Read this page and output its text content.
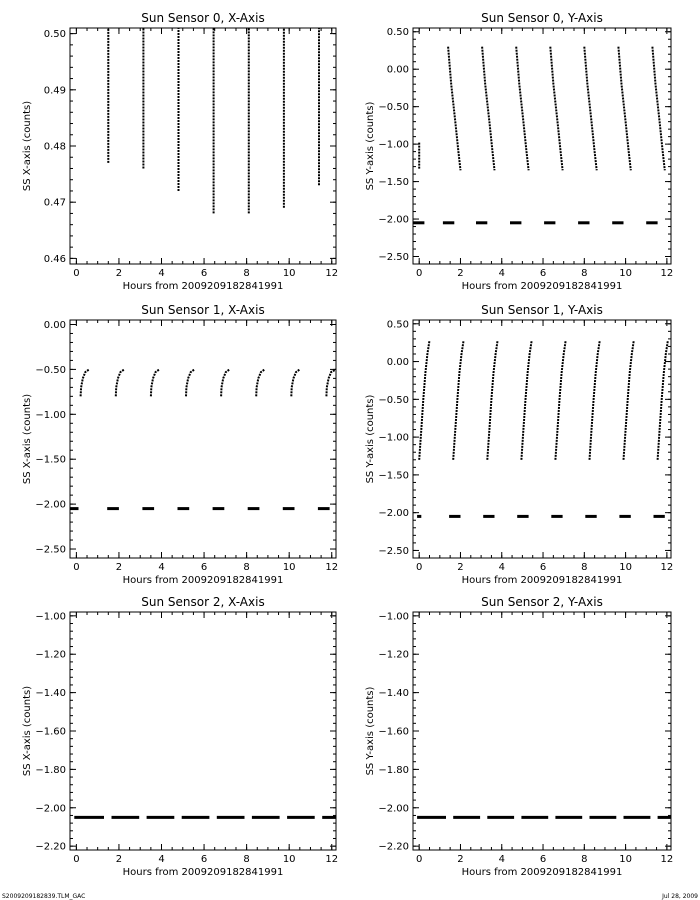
S2009209182839.TLM_GAC	Jul 28, 2009
Sun Sensor 0, X-Axis
0	2	4	6	8	10	12
0.46
0.47
0.48
0.49
0.50
Hours from 2009209182841991
SS X-axis (counts)
Sun Sensor 0, Y-Axis
0	2	4	6	8	10	12
−2.50
−2.00
−1.50
−1.00
−0.50
0.00
0.50
Hours from 2009209182841991
SS Y-axis (counts)
Sun Sensor 1, X-Axis
0	2	4	6	8	10	12
−2.50
−2.00
−1.50
−1.00
−0.50
0.00
Hours from 2009209182841991
SS X-axis (counts)
Sun Sensor 1, Y-Axis
0	2	4	6	8	10	12
−2.50
−2.00
−1.50
−1.00
−0.50
0.00
0.50
Hours from 2009209182841991
SS Y-axis (counts)
Sun Sensor 2, X-Axis
0	2	4	6	8	10	12
−2.20
−2.00
−1.80
−1.60
−1.40
−1.20
−1.00
Hours from 2009209182841991
SS X-axis (counts)
Sun Sensor 2, Y-Axis
0	2	4	6	8	10	12
−2.20
−2.00
−1.80
−1.60
−1.40
−1.20
−1.00
Hours from 2009209182841991
SS Y-axis (counts)
